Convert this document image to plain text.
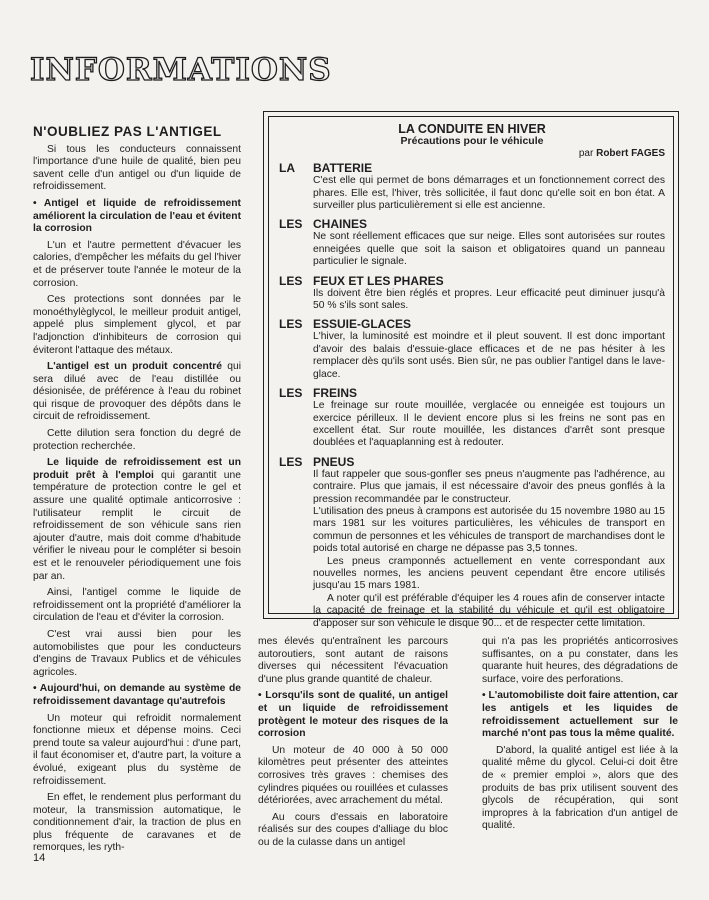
INFORMATIONS
N'OUBLIEZ PAS L'ANTIGEL

Si tous les conducteurs connaissent l'importance d'une huile de qualité, bien peu savent celle d'un antigel ou d'un liquide de refroidissement.

• Antigel et liquide de refroidissement améliorent la circulation de l'eau et évitent la corrosion

L'un et l'autre permettent d'évacuer les calories, d'empêcher les méfaits du gel l'hiver et de préserver toute l'année le moteur de la corrosion.

Ces protections sont données par le monoéthylèglycol, le meilleur produit antigel, appelé plus simplement glycol, et par l'adjonction d'inhibiteurs de corrosion qui éviteront l'attaque des métaux.

L'antigel est un produit concentré qui sera dilué avec de l'eau distillée ou désionisée, de préférence à l'eau du robinet qui risque de provoquer des dépôts dans le circuit de refroidissement.

Cette dilution sera fonction du degré de protection recherchée.

Le liquide de refroidissement est un produit prêt à l'emploi qui garantit une température de protection contre le gel et assure une qualité optimale anticorrosive : l'utilisateur remplit le circuit de refroidissement de son véhicule sans rien ajouter d'autre, mais doit comme d'habitude vérifier le niveau pour le compléter si besoin est et le renouveler périodiquement une fois par an.

Ainsi, l'antigel comme le liquide de refroidissement ont la propriété d'améliorer la circulation de l'eau et d'éviter la corrosion.

C'est vrai aussi bien pour les automobilistes que pour les conducteurs d'engins de Travaux Publics et de véhicules agricoles.

• Aujourd'hui, on demande au système de refroidissement davantage qu'autrefois

Un moteur qui refroidit normalement fonctionne mieux et dépense moins. Ceci prend toute sa valeur aujourd'hui : d'une part, il faut économiser et, d'autre part, la voiture a évolué, exigeant plus du système de refroidissement.

En effet, le rendement plus performant du moteur, la transmission automatique, le conditionnement d'air, la traction de plus en plus fréquente de caravanes et de remorques, les ryth-

LA CONDUITE EN HIVER

Précautions pour le véhicule

par Robert FAGES

LA BATTERIE

C'est elle qui permet de bons démarrages et un fonctionnement correct des phares. Elle est, l'hiver, très sollicitée, il faut donc qu'elle soit en bon état. A surveiller plus particulièrement si elle est ancienne.

LES CHAINES

Ne sont réellement efficaces que sur neige. Elles sont autorisées sur routes enneigées quelle que soit la saison et obligatoires quand un panneau particulier le signale.

LES FEUX ET LES PHARES

Ils doivent être bien réglés et propres. Leur efficacité peut diminuer jusqu'à 50 % s'ils sont sales.

LES ESSUIE-GLACES

L'hiver, la luminosité est moindre et il pleut souvent. Il est donc important d'avoir des balais d'essuie-glace efficaces et de ne pas hésiter à les remplacer dès qu'ils sont usés. Bien sûr, ne pas oublier l'antigel dans le lave-glace.

LES FREINS

Le freinage sur route mouillée, verglacée ou enneigée est toujours un exercice périlleux. Il le devient encore plus si les freins ne sont pas en excellent état. Sur route mouillée, les distances d'arrêt sont presque doublées et l'aquaplanning est à redouter.

LES PNEUS

Il faut rappeler que sous-gonfler ses pneus n'augmente pas l'adhérence, au contraire. Plus que jamais, il est nécessaire d'avoir des pneus gonflés à la pression recommandée par le constructeur.

L'utilisation des pneus à crampons est autorisée du 15 novembre 1980 au 15 mars 1981 sur les voitures particulières, les véhicules de transport en commun de personnes et les véhicules de transport de marchandises dont le poids total autorisé en charge ne dépasse pas 3,5 tonnes.

Les pneus cramponnés actuellement en vente correspondant aux nouvelles normes, les anciens peuvent cependant être encore utilisés jusqu'au 15 mars 1981.

A noter qu'il est préférable d'équiper les 4 roues afin de conserver intacte la capacité de freinage et la stabilité du véhicule et qu'il est obligatoire d'apposer sur son véhicule le disque 90... et de respecter cette limitation.

mes élevés qu'entraînent les parcours autoroutiers, sont autant de raisons diverses qui nécessitent l'évacuation d'une plus grande quantité de chaleur.

• Lorsqu'ils sont de qualité, un antigel et un liquide de refroidissement protègent le moteur des risques de la corrosion

Un moteur de 40 000 à 50 000 kilomètres peut présenter des atteintes corrosives très graves : chemises des cylindres piquées ou rouillées et culasses détériorées, avec arrachement du métal.

Au cours d'essais en laboratoire réalisés sur des coupes d'alliage du bloc ou de la culasse dans un antigel

qui n'a pas les propriétés anticorrosives suffisantes, on a pu constater, dans les quarante huit heures, des dégradations de surface, voire des perforations.

• L'automobiliste doit faire attention, car les antigels et les liquides de refroidissement actuellement sur le marché n'ont pas tous la même qualité.

D'abord, la qualité antigel est liée à la qualité même du glycol. Celui-ci doit être de « premier emploi », alors que des produits de bas prix utilisent souvent des glycols de récupération, qui sont impropres à la fabrication d'un antigel de qualité.

14
